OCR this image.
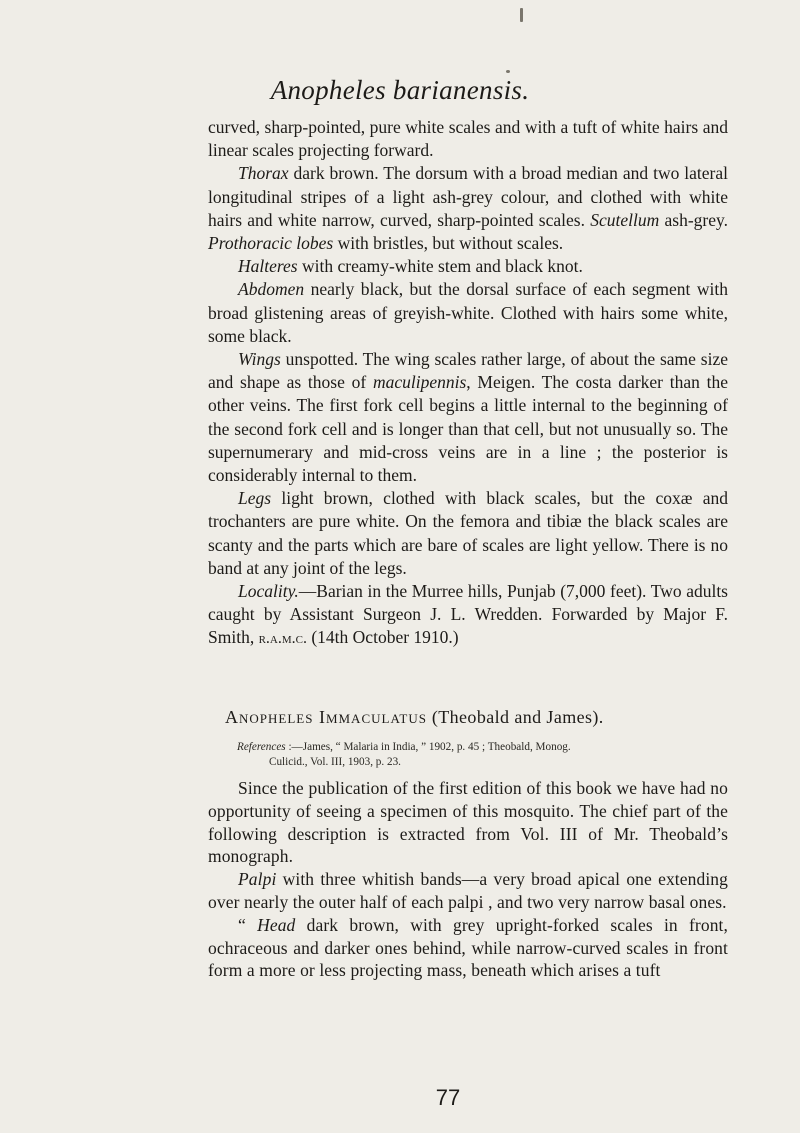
Anopheles barianensis.

curved, sharp-pointed, pure white scales and with a tuft of white hairs and linear scales projecting forward.

Thorax dark brown. The dorsum with a broad median and two lateral longitudinal stripes of a light ash-grey colour, and clothed with white hairs and white narrow, curved, sharp-pointed scales. Scutellum ash-grey. Prothoracic lobes with bristles, but without scales.

Halteres with creamy-white stem and black knot.

Abdomen nearly black, but the dorsal surface of each segment with broad glistening areas of greyish-white. Clothed with hairs some white, some black.

Wings unspotted. The wing scales rather large, of about the same size and shape as those of maculipennis, Meigen. The costa darker than the other veins. The first fork cell begins a little internal to the beginning of the second fork cell and is longer than that cell, but not unusually so. The supernumerary and mid-cross veins are in a line ; the posterior is considerably internal to them.

Legs light brown, clothed with black scales, but the coxæ and trochanters are pure white. On the femora and tibiæ the black scales are scanty and the parts which are bare of scales are light yellow. There is no band at any joint of the legs.

Locality.—Barian in the Murree hills, Punjab (7,000 feet). Two adults caught by Assistant Surgeon J. L. Wredden. Forwarded by Major F. Smith, r.a.m.c. (14th October 1910.)

Anopheles Immaculatus (Theobald and James).
References :—James, “ Malaria in India, ” 1902, p. 45 ; Theobald, Monog.
Culicid., Vol. III, 1903, p. 23.

Since the publication of the first edition of this book we have had no opportunity of seeing a specimen of this mosquito. The chief part of the following description is extracted from Vol. III of Mr. Theobald’s monograph.

Palpi with three whitish bands—a very broad apical one extending over nearly the outer half of each palpi , and two very narrow basal ones.

“ Head dark brown, with grey upright-forked scales in front, ochraceous and darker ones behind, while narrow-curved scales in front form a more or less projecting mass, beneath which arises a tuft

77
